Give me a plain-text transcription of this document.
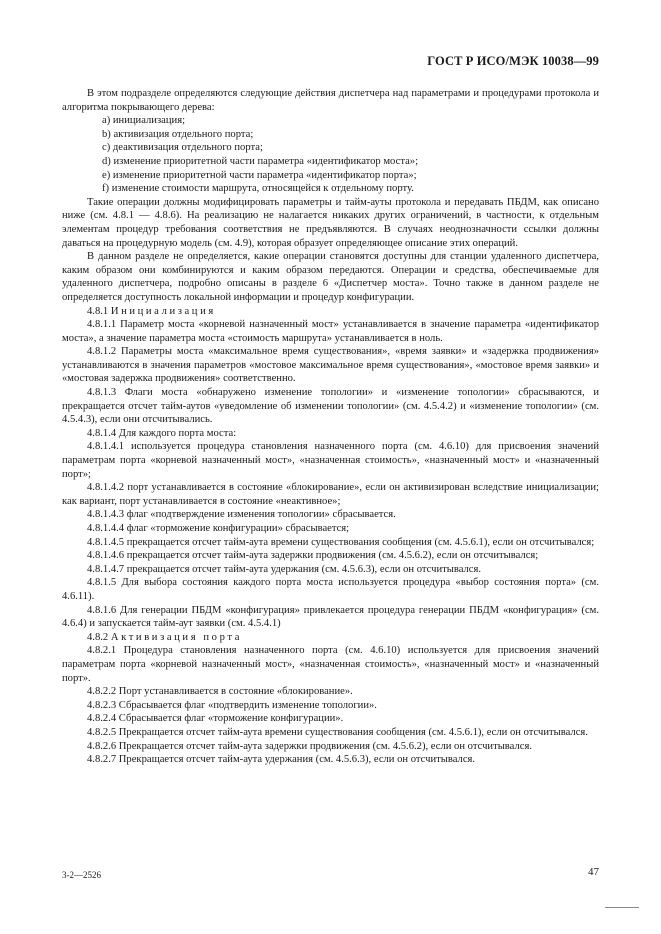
ГОСТ Р ИСО/МЭК 10038—99

В этом подразделе определяются следующие действия диспетчера над параметрами и процедурами протокола и алгоритма покрывающего дерева:

а) инициализация;

b) активизация отдельного порта;

с) деактивизация отдельного порта;

d) изменение приоритетной части параметра «идентификатор моста»;

е) изменение приоритетной части параметра «идентификатор порта»;

f) изменение стоимости маршрута, относящейся к отдельному порту.

Такие операции должны модифицировать параметры и тайм-ауты протокола и передавать ПБДМ, как описано ниже (см. 4.8.1 — 4.8.6). На реализацию не налагается никаких других ограничений, в частности, к отдельным элементам процедур требования соответствия не предъявляются. В случаях неоднозначности ссылки должны даваться на процедурную модель (см. 4.9), которая образует определяющее описание этих операций.

В данном разделе не определяется, какие операции становятся доступны для станции удаленного диспетчера, каким образом они комбинируются и каким образом передаются. Операции и средства, обеспечиваемые для удаленного диспетчера, подробно описаны в разделе 6 «Диспетчер моста». Точно также в данном разделе не определяется доступность локальной информации и процедур конфигурации.

4.8.1 Инициализация

4.8.1.1 Параметр моста «корневой назначенный мост» устанавливается в значение параметра «идентификатор моста», а значение параметра моста «стоимость маршрута» устанавливается в ноль.

4.8.1.2 Параметры моста «максимальное время существования», «время заявки» и «задержка продвижения» устанавливаются в значения параметров «мостовое максимальное время существования», «мостовое время заявки» и «мостовая задержка продвижения» соответственно.

4.8.1.3 Флаги моста «обнаружено изменение топологии» и «изменение топологии» сбрасываются, и прекращается отсчет тайм-аутов «уведомление об изменении топологии» (см. 4.5.4.2) и «изменение топологии» (см. 4.5.4.3), если они отсчитывались.

4.8.1.4 Для каждого порта моста:

4.8.1.4.1 используется процедура становления назначенного порта (см. 4.6.10) для присвоения значений параметрам порта «корневой назначенный мост», «назначенная стоимость», «назначенный мост» и «назначенный порт»;

4.8.1.4.2 порт устанавливается в состояние «блокирование», если он активизирован вследствие инициализации; как вариант, порт устанавливается в состояние «неактивное»;

4.8.1.4.3 флаг «подтверждение изменения топологии» сбрасывается.

4.8.1.4.4 флаг «торможение конфигурации» сбрасывается;

4.8.1.4.5 прекращается отсчет тайм-аута времени существования сообщения (см. 4.5.6.1), если он отсчитывался;

4.8.1.4.6 прекращается отсчет тайм-аута задержки продвижения (см. 4.5.6.2), если он отсчитывался;

4.8.1.4.7 прекращается отсчет тайм-аута удержания (см. 4.5.6.3), если он отсчитывался.

4.8.1.5 Для выбора состояния каждого порта моста используется процедура «выбор состояния порта» (см. 4.6.11).

4.8.1.6 Для генерации ПБДМ «конфигурация» привлекается процедура генерации ПБДМ «конфигурация» (см. 4.6.4) и запускается тайм-аут заявки (см. 4.5.4.1)

4.8.2 Активизация порта

4.8.2.1 Процедура становления назначенного порта (см. 4.6.10) используется для присвоения значений параметрам порта «корневой назначенный мост», «назначенная стоимость», «назначенный мост» и «назначенный порт».

4.8.2.2 Порт устанавливается в состояние «блокирование».

4.8.2.3 Сбрасывается флаг «подтвердить изменение топологии».

4.8.2.4 Сбрасывается флаг «торможение конфигурации».

4.8.2.5 Прекращается отсчет тайм-аута времени существования сообщения (см. 4.5.6.1), если он отсчитывался.

4.8.2.6 Прекращается отсчет тайм-аута задержки продвижения (см. 4.5.6.2), если он отсчитывался.

4.8.2.7 Прекращается отсчет тайм-аута удержания (см. 4.5.6.3), если он отсчитывался.

3-2—2526	47
